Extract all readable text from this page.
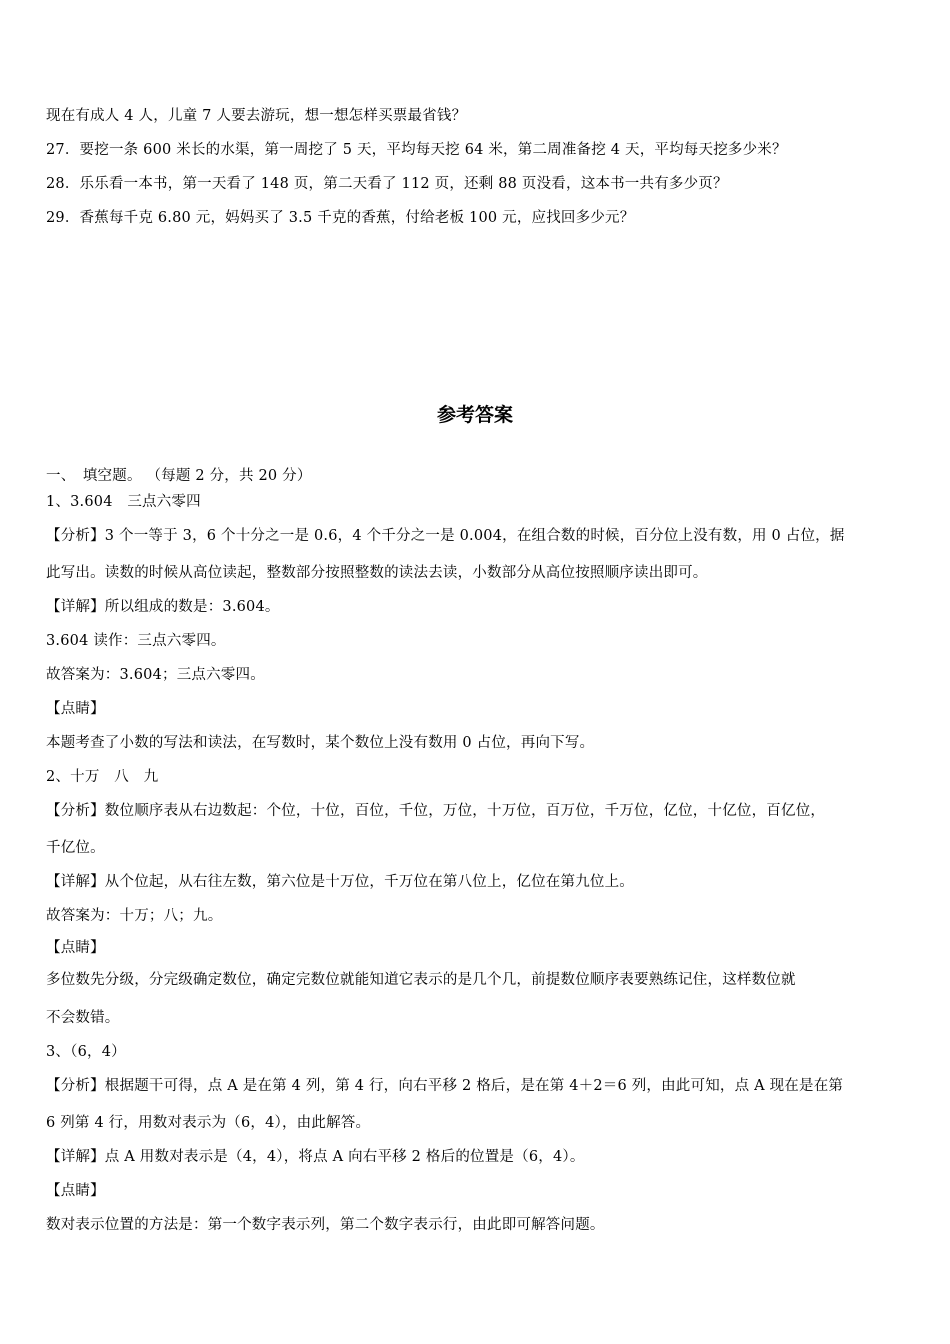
现在有成人 4 人，儿童 7 人要去游玩，想一想怎样买票最省钱？
27．要挖一条 600 米长的水渠，第一周挖了 5 天，平均每天挖 64 米，第二周准备挖 4 天，平均每天挖多少米？
28．乐乐看一本书，第一天看了 148 页，第二天看了 112 页，还剩 88 页没看，这本书一共有多少页？
29．香蕉每千克 6.80 元，妈妈买了 3.5 千克的香蕉，付给老板 100 元，应找回多少元？
参考答案
一、　填空题。 （每题 2 分，共 20 分）
1、3.604　三点六零四
【分析】3 个一等于 3，6 个十分之一是 0.6，4 个千分之一是 0.004，在组合数的时候，百分位上没有数，用 0 占位，据
此写出。读数的时候从高位读起，整数部分按照整数的读法去读，小数部分从高位按照顺序读出即可。
【详解】所以组成的数是：3.604。
3.604 读作：三点六零四。
故答案为：3.604；三点六零四。
【点睛】
本题考查了小数的写法和读法，在写数时，某个数位上没有数用 0 占位，再向下写。
2、十万　八　九
【分析】数位顺序表从右边数起：个位，十位，百位，千位，万位，十万位，百万位，千万位，亿位，十亿位，百亿位，
千亿位。
【详解】从个位起，从右往左数，第六位是十万位，千万位在第八位上，亿位在第九位上。
故答案为：十万；八；九。
【点睛】
多位数先分级，分完级确定数位，确定完数位就能知道它表示的是几个几，前提数位顺序表要熟练记住，这样数位就
不会数错。
3、（6，4）
【分析】根据题干可得，点 A 是在第 4 列，第 4 行，向右平移 2 格后，是在第 4＋2＝6 列，由此可知，点 A 现在是在第
6 列第 4 行，用数对表示为（6，4），由此解答。
【详解】点 A 用数对表示是（4，4），将点 A 向右平移 2 格后的位置是（6，4）。
【点睛】
数对表示位置的方法是：第一个数字表示列，第二个数字表示行，由此即可解答问题。
